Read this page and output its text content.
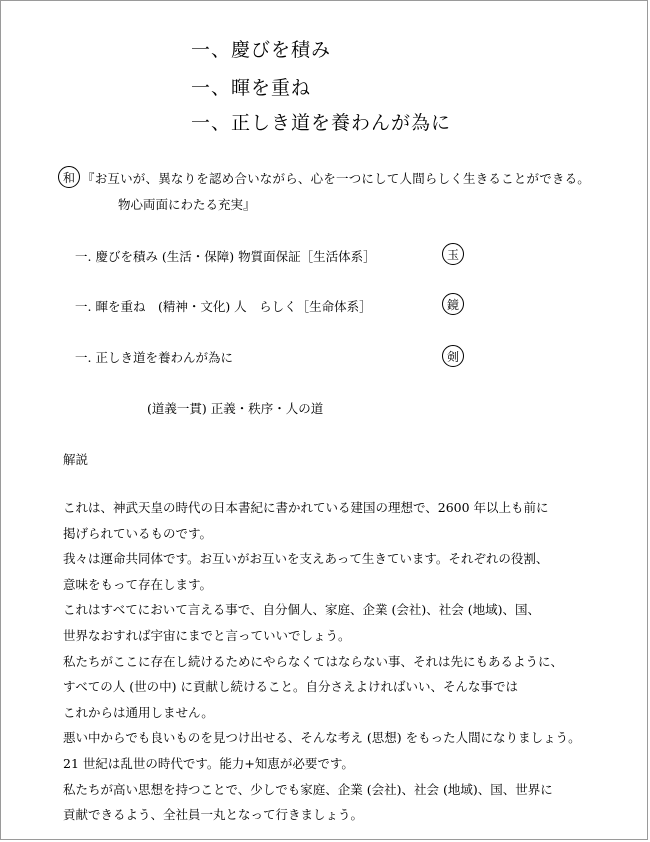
一、慶びを積み
一、暉を重ね
一、正しき道を養わんが為に
和 『お互いが、異なりを認め合いながら、心を一つにして人間らしく生きることができる。
物心両面にわたる充実』
一. 慶びを積み (生活・保障) 物質面保証［生活体系］	玉
一. 暉を重ね　(精神・文化) 人　らしく［生命体系］	鏡
一. 正しき道を養わんが為に	剣
(道義一貫) 正義・秩序・人の道
解説
これは、神武天皇の時代の日本書紀に書かれている建国の理想で、2600 年以上も前に
掲げられているものです。
我々は運命共同体です。お互いがお互いを支えあって生きています。それぞれの役割、
意味をもって存在します。
これはすべてにおいて言える事で、自分個人、家庭、企業 (会社)、社会 (地域)、国、
世界なおすれば宇宙にまでと言っていいでしょう。
私たちがここに存在し続けるためにやらなくてはならない事、それは先にもあるように、
すべての人 (世の中) に貢献し続けること。自分さえよければいい、そんな事では
これからは通用しません。
悪い中からでも良いものを見つけ出せる、そんな考え (思想) をもった人間になりましょう。
21 世紀は乱世の時代です。能力+知恵が必要です。
私たちが高い思想を持つことで、少しでも家庭、企業 (会社)、社会 (地域)、国、世界に
貢献できるよう、全社員一丸となって行きましょう。
